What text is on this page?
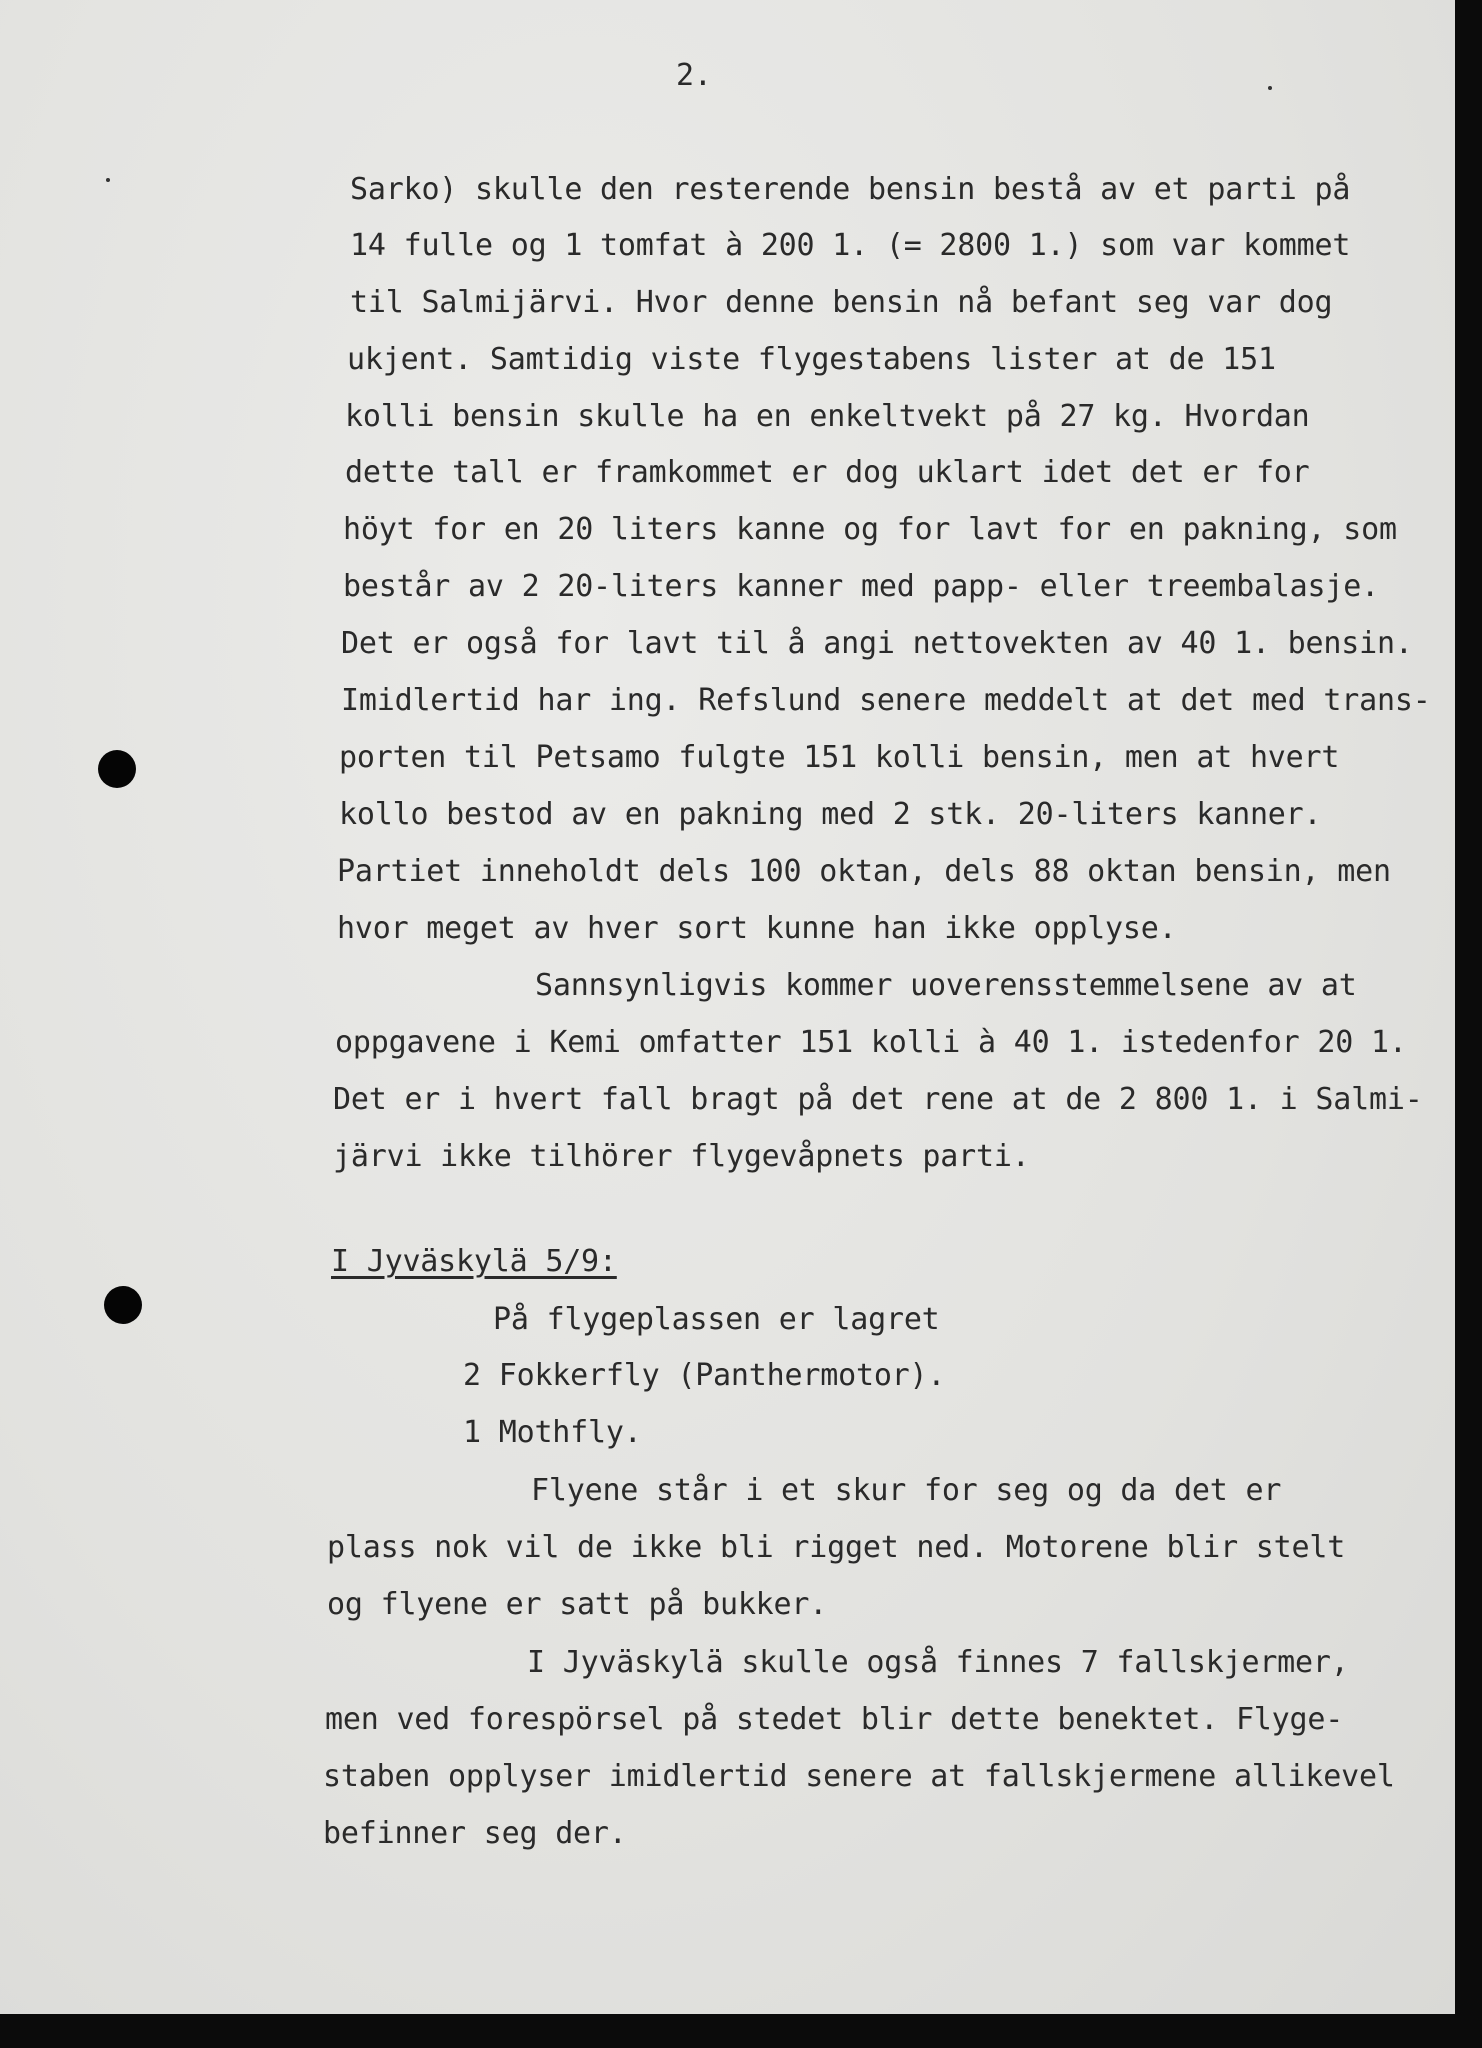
2.
Sarko) skulle den resterende bensin bestå av et parti på
14 fulle og 1 tomfat à 200 1. (= 2800 1.) som var kommet
til Salmijärvi. Hvor denne bensin nå befant seg var dog
ukjent. Samtidig viste flygestabens lister at de 151
kolli bensin skulle ha en enkeltvekt på 27 kg. Hvordan
dette tall er framkommet er dog uklart idet det er for
höyt for en 20 liters kanne og for lavt for en pakning, som
består av 2 20-liters kanner med papp- eller treembalasje.
Det er også for lavt til å angi nettovekten av 40 1. bensin.
Imidlertid har ing. Refslund senere meddelt at det med trans-
porten til Petsamo fulgte 151 kolli bensin, men at hvert
kollo bestod av en pakning med 2 stk. 20-liters kanner.
Partiet inneholdt dels 100 oktan, dels 88 oktan bensin, men
hvor meget av hver sort kunne han ikke opplyse.
Sannsynligvis kommer uoverensstemmelsene av at
oppgavene i Kemi omfatter 151 kolli à 40 1. istedenfor 20 1.
Det er i hvert fall bragt på det rene at de 2 800 1. i Salmi-
järvi ikke tilhörer flygevåpnets parti.
I Jyväskylä 5/9:
På flygeplassen er lagret
2 Fokkerfly (Panthermotor).
1 Mothfly.
Flyene står i et skur for seg og da det er
plass nok vil de ikke bli rigget ned. Motorene blir stelt
og flyene er satt på bukker.
I Jyväskylä skulle også finnes 7 fallskjermer,
men ved forespörsel på stedet blir dette benektet. Flyge-
staben opplyser imidlertid senere at fallskjermene allikevel
befinner seg der.
